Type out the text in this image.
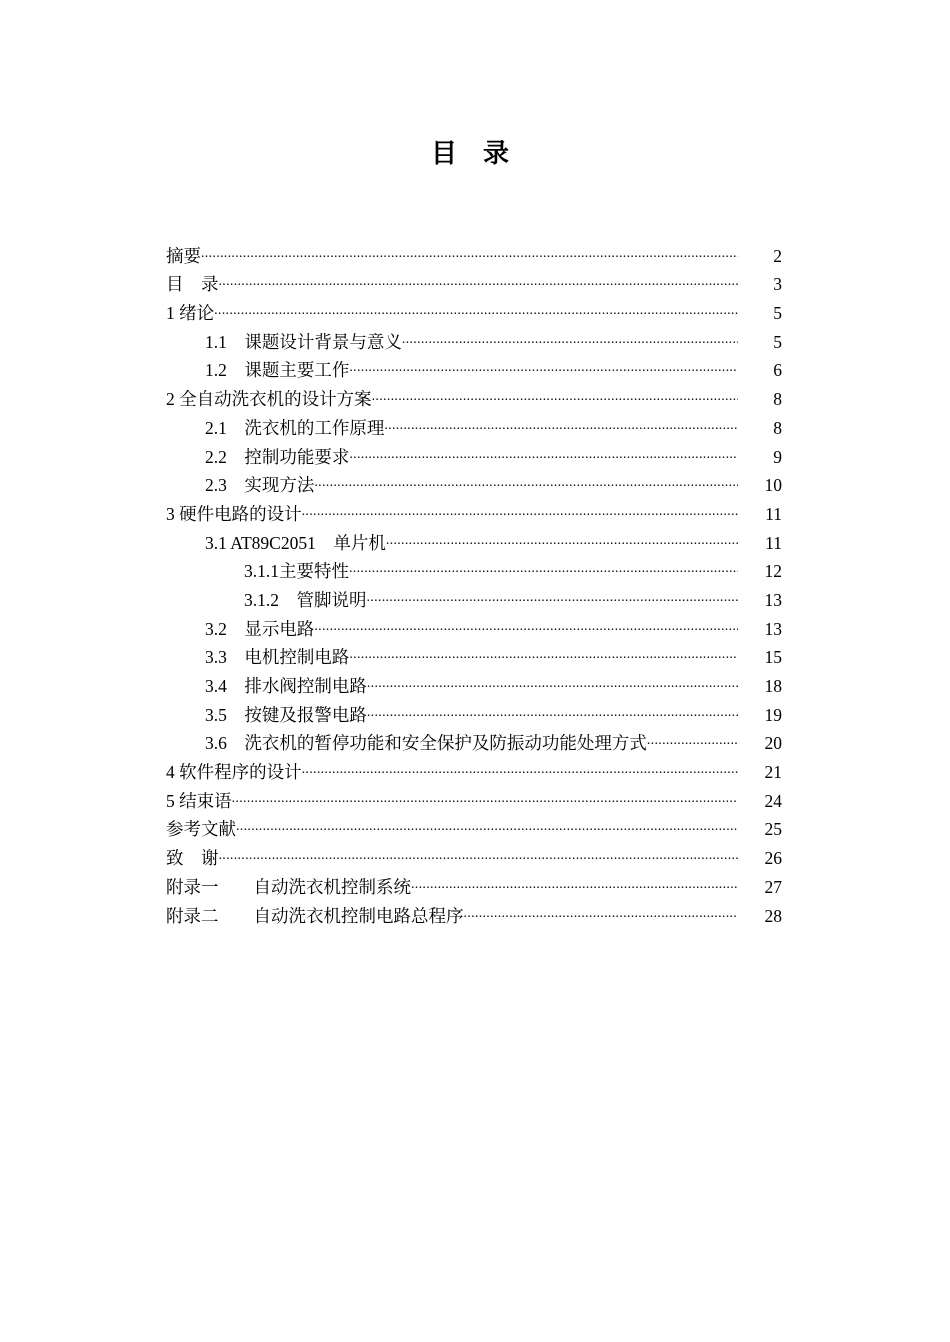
目　录
摘要 .....	2
目　录 .....	3
1 绪论 .....	5
1.1　课题设计背景与意义 .....	5
1.2　课题主要工作 .....	6
2 全自动洗衣机的设计方案 .....	8
2.1　洗衣机的工作原理 .....	8
2.2　控制功能要求 .....	9
2.3　实现方法 .....	10
3 硬件电路的设计 .....	11
3.1 AT89C2051　单片机 .....	11
3.1.1主要特性 .....	12
3.1.2　管脚说明 .....	13
3.2　显示电路 .....	13
3.3　电机控制电路 .....	15
3.4　排水阀控制电路 .....	18
3.5　按键及报警电路 .....	19
3.6　洗衣机的暂停功能和安全保护及防振动功能处理方式 .....	20
4 软件程序的设计 .....	21
5 结束语 .....	24
参考文献 .....	25
致　谢 .....	26
附录一　　自动洗衣机控制系统 .....	27
附录二　　自动洗衣机控制电路总程序 .....	28
